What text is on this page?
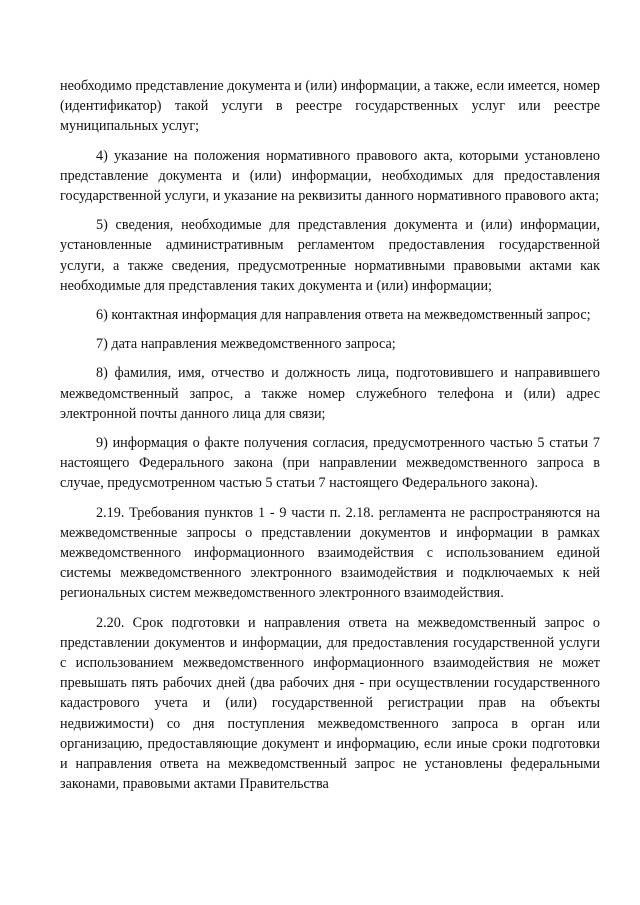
необходимо представление документа и (или) информации, а также, если имеется, номер (идентификатор) такой услуги в реестре государственных услуг или реестре муниципальных услуг;

4) указание на положения нормативного правового акта, которыми установлено представление документа и (или) информации, необходимых для предоставления государственной услуги, и указание на реквизиты данного нормативного правового акта;

5) сведения, необходимые для представления документа и (или) информации, установленные административным регламентом предоставления государственной услуги, а также сведения, предусмотренные нормативными правовыми актами как необходимые для представления таких документа и (или) информации;

6) контактная информация для направления ответа на межведомственный запрос;

7) дата направления межведомственного запроса;

8) фамилия, имя, отчество и должность лица, подготовившего и направившего межведомственный запрос, а также номер служебного телефона и (или) адрес электронной почты данного лица для связи;

9) информация о факте получения согласия, предусмотренного частью 5 статьи 7 настоящего Федерального закона (при направлении межведомственного запроса в случае, предусмотренном частью 5 статьи 7 настоящего Федерального закона).

2.19. Требования пунктов 1 - 9 части п. 2.18. регламента не распространяются на межведомственные запросы о представлении документов и информации в рамках межведомственного информационного взаимодействия с использованием единой системы межведомственного электронного взаимодействия и подключаемых к ней региональных систем межведомственного электронного взаимодействия.

2.20. Срок подготовки и направления ответа на межведомственный запрос о представлении документов и информации, для предоставления государственной услуги с использованием межведомственного информационного взаимодействия не может превышать пять рабочих дней (два рабочих дня - при осуществлении государственного кадастрового учета и (или) государственной регистрации прав на объекты недвижимости) со дня поступления межведомственного запроса в орган или организацию, предоставляющие документ и информацию, если иные сроки подготовки и направления ответа на межведомственный запрос не установлены федеральными законами, правовыми актами Правительства
